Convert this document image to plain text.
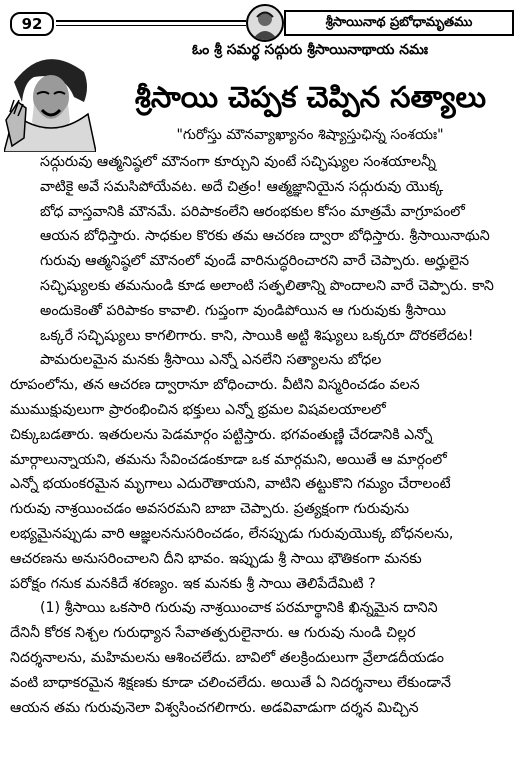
92	శ్రీసాయినాథ ప్రబోధామృతము
ఓం శ్రీ సమర్థ సద్గురు శ్రీసాయినాథాయ నమః
శ్రీసాయి చెప్పక చెప్పిన సత్యాలు
"గురోస్తు మౌనవ్యాఖ్యానం శిష్యాస్తుఛిన్న సంశయః"
సద్గురువు ఆత్మనిష్ఠలో మౌనంగా కూర్చుని వుంటే సచ్ఛిష్యుల సంశయాలన్నీ
వాటికై అవే సమసిపోయేవట. అదే చిత్రం! ఆత్మజ్ఞానియైన సద్గురువు యొక్క
బోధ వాస్తవానికి మౌనమే. పరిపాకంలేని ఆరంభకుల కోసం మాత్రమే వాగ్రూపంలో
ఆయన బోధిస్తారు. సాధకుల కొరకు తమ ఆచరణ ద్వారా బోధిస్తారు. శ్రీసాయినాథుని
గురువు ఆత్మనిష్ఠలో మౌనంలో వుండే వారినుద్ధరించారని వారే చెప్పారు. అర్హులైన
సచ్ఛిష్యులకు తమనుండి కూడ అలాంటి సత్ఫలితాన్ని పొందాలని వారే చెప్పారు. కాని
అందుకెంతో పరిపాకం కావాలి. గుప్తంగా వుండిపోయిన ఆ గురువుకు శ్రీసాయి
ఒక్కరే సచ్ఛిష్యులు కాగలిగారు. కాని, సాయికి అట్టి శిష్యులు ఒక్కరూ దొరకలేదట!
పామరులమైన మనకు శ్రీసాయి ఎన్నో ఎనలేని సత్యాలను బోధల
రూపంలోను, తన ఆచరణ ద్వారానూ బోధించారు. వీటిని విస్మరించడం వలన
ముముక్షువులుగా ప్రారంభించిన భక్తులు ఎన్నో భ్రమల విషవలయాలలో
చిక్కుబడతారు. ఇతరులను పెడమార్గం పట్టిస్తారు. భగవంతుణ్ణి చేరడానికి ఎన్నో
మార్గాలున్నాయని, తమను సేవించడంకూడా ఒక మార్గమని, అయితే ఆ మార్గంలో
ఎన్నో భయంకరమైన మృగాలు ఎదురౌతాయని, వాటిని తట్టుకొని గమ్యం చేరాలంటే
గురువు నాశ్రయించడం అవసరమని బాబా చెప్పారు. ప్రత్యక్షంగా గురువును
లభ్యమైనప్పుడు వారి ఆజ్ఞలననుసరించడం, లేనప్పుడు గురువుయొక్క బోధనలను,
ఆచరణను అనుసరించాలని దీని భావం. ఇప్పుడు శ్రీ సాయి భౌతికంగా మనకు
పరోక్షం గనుక మనకిదే శరణ్యం. ఇక మనకు శ్రీ సాయి తెలిపేదేమిటి ?
(1) శ్రీసాయి ఒకసారి గురువు నాశ్రయించాక పరమార్థానికి ఖిన్నమైన దానిని
దేనినీ కోరక నిశ్చల గురుధ్యాన సేవాతత్పరులైనారు. ఆ గురువు నుండి చిల్లర
నిదర్శనాలను, మహిమలను ఆశించలేదు. బావిలో తలక్రిందులుగా వ్రేలాడదీయడం
వంటి బాధాకరమైన శిక్షణకు కూడా చలించలేదు. అయితే ఏ నిదర్శనాలు లేకుండానే
ఆయన తమ గురువునెలా విశ్వసించగలిగారు. అడవివాడుగా దర్శన మిచ్చిన
